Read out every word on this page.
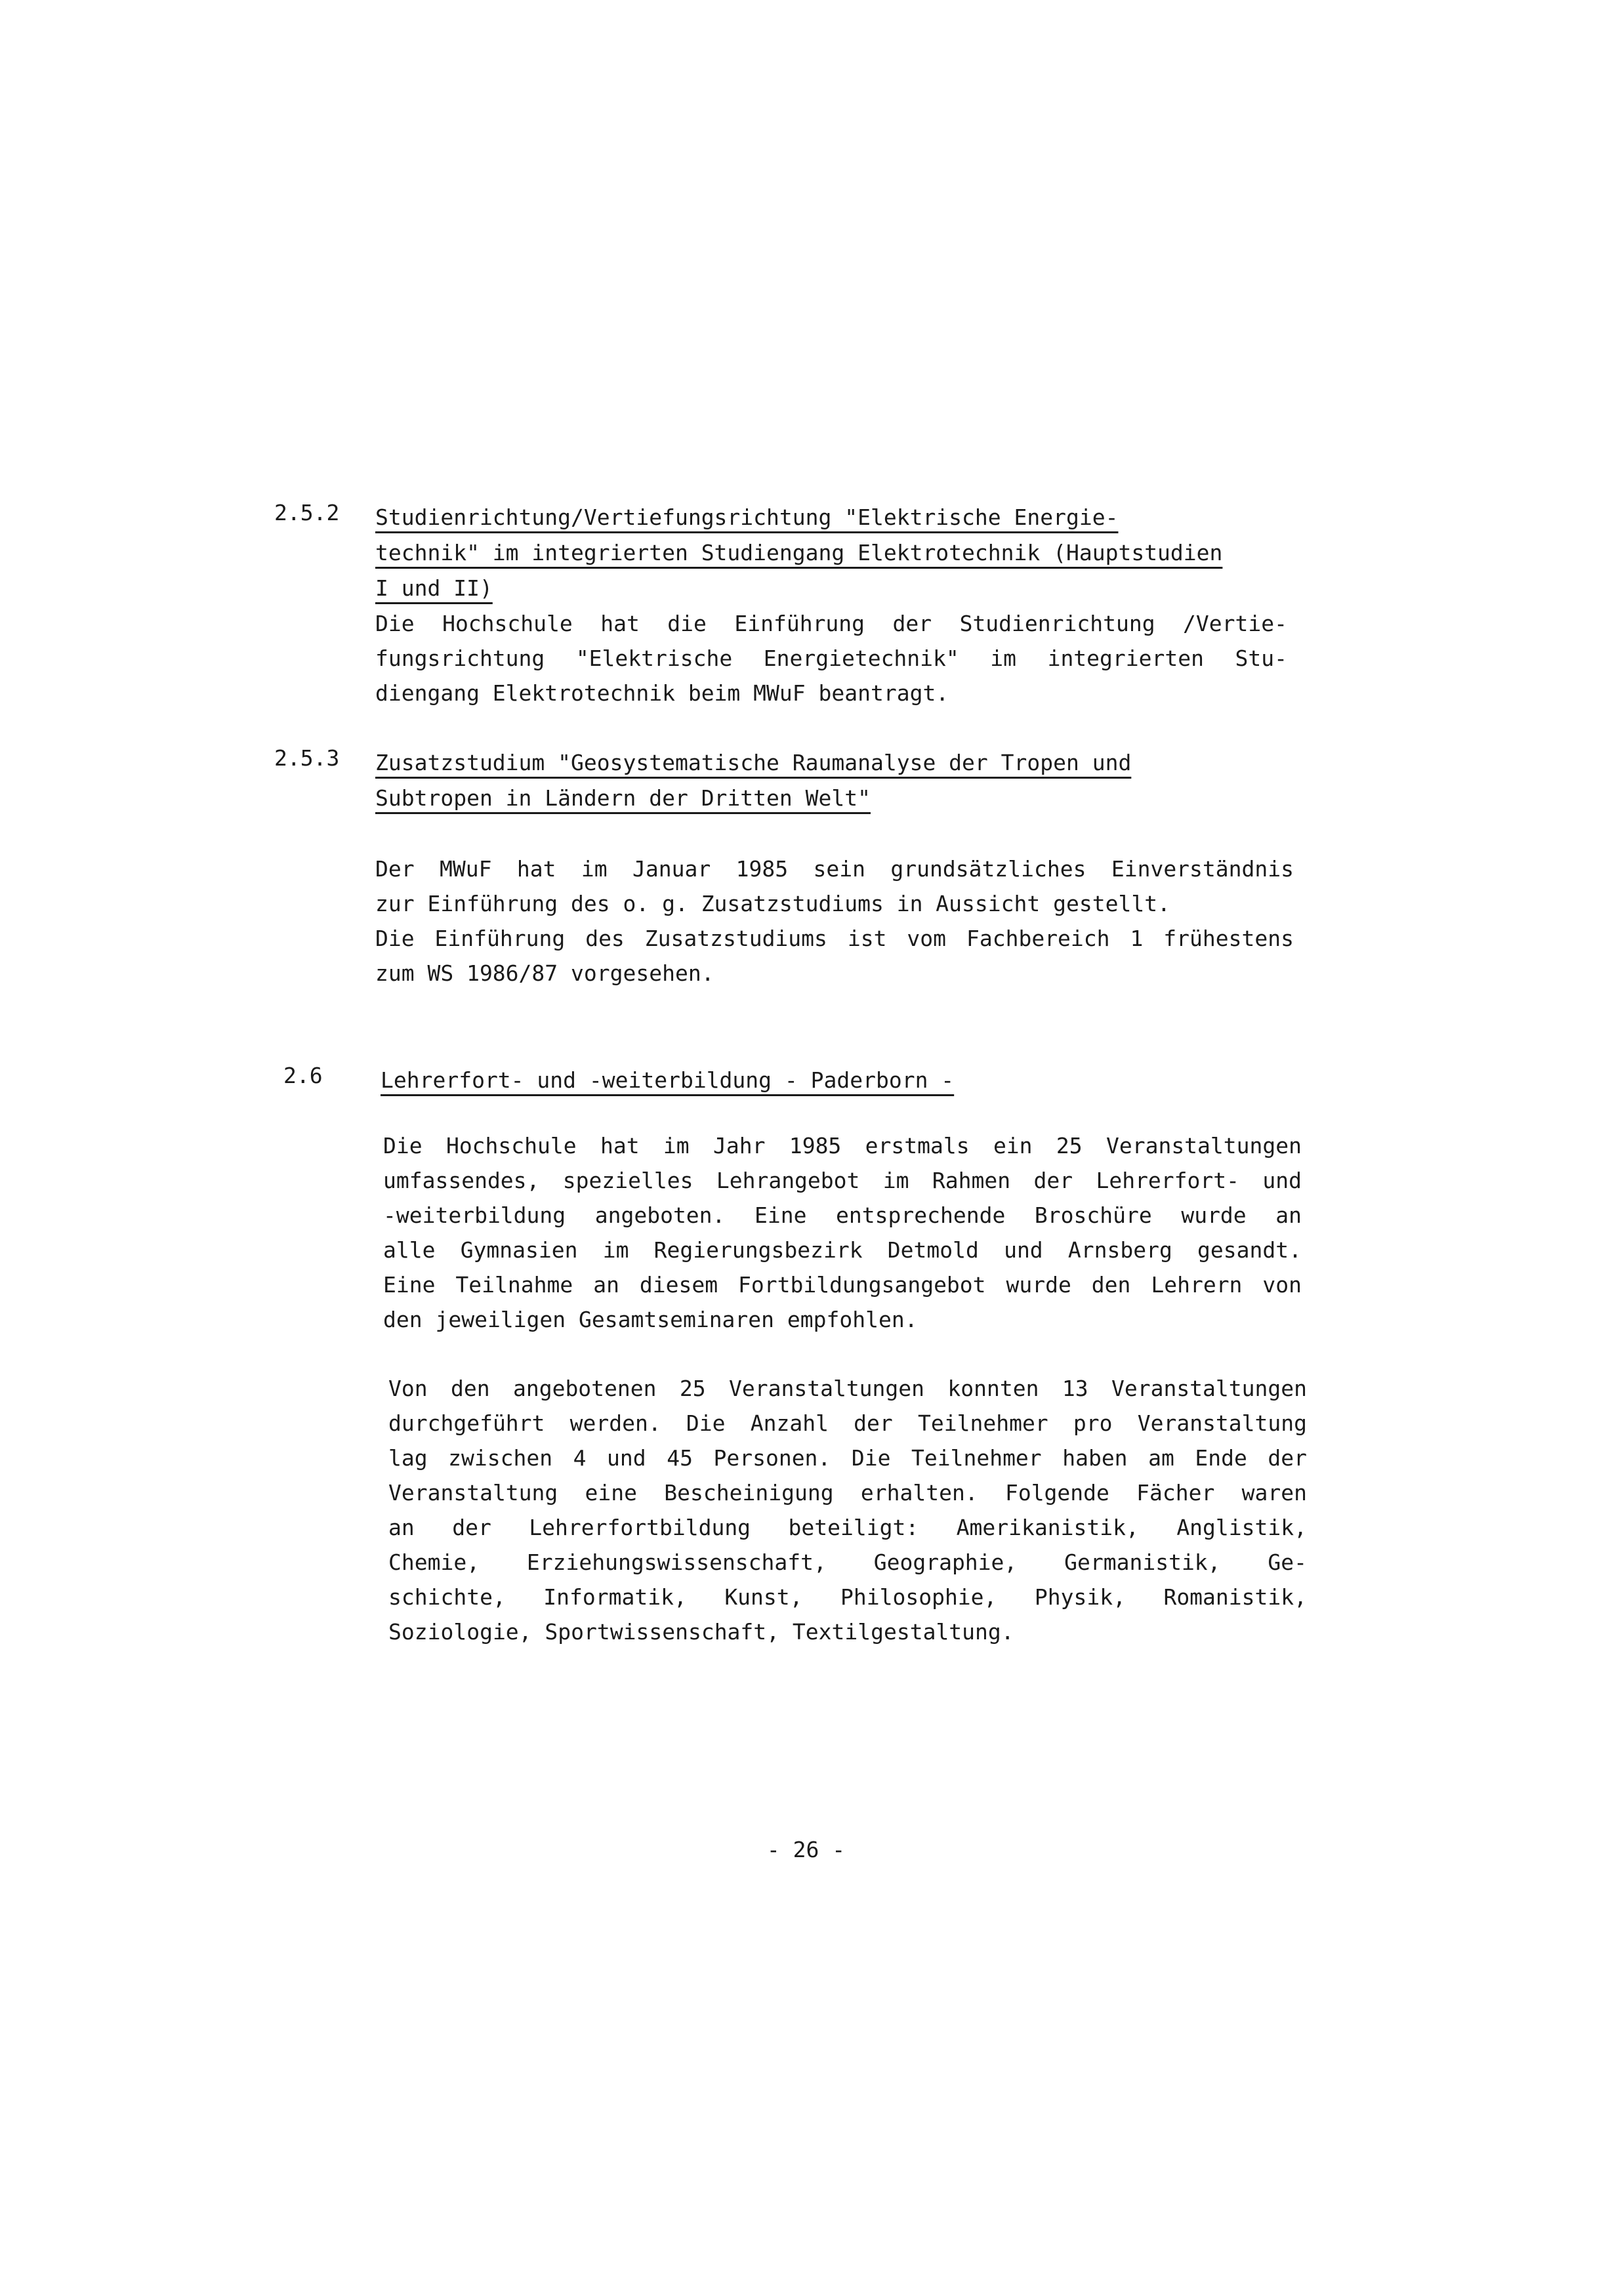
2.5.2	Studienrichtung/Vertiefungsrichtung "Elektrische Energie-
technik" im integrierten Studiengang Elektrotechnik (Hauptstudien
I und II)
Die Hochschule hat die Einführung der Studienrichtung /Vertie-
fungsrichtung "Elektrische Energietechnik" im integrierten Stu-
diengang Elektrotechnik beim MWuF beantragt.
2.5.3	Zusatzstudium "Geosystematische Raumanalyse der Tropen und
Subtropen in Ländern der Dritten Welt"
Der MWuF hat im Januar 1985 sein grundsätzliches Einverständnis
zur Einführung des o. g. Zusatzstudiums in Aussicht gestellt.
Die Einführung des Zusatzstudiums ist vom Fachbereich 1 frühestens
zum WS 1986/87 vorgesehen.
2.6	Lehrerfort- und -weiterbildung - Paderborn -
Die Hochschule hat im Jahr 1985 erstmals ein 25 Veranstaltungen
umfassendes, spezielles Lehrangebot im Rahmen der Lehrerfort- und
-weiterbildung angeboten. Eine entsprechende Broschüre wurde an
alle Gymnasien im Regierungsbezirk Detmold und Arnsberg gesandt.
Eine Teilnahme an diesem Fortbildungsangebot wurde den Lehrern von
den jeweiligen Gesamtseminaren empfohlen.
Von den angebotenen 25 Veranstaltungen konnten 13 Veranstaltungen
durchgeführt werden. Die Anzahl der Teilnehmer pro Veranstaltung
lag zwischen 4 und 45 Personen. Die Teilnehmer haben am Ende der
Veranstaltung eine Bescheinigung erhalten. Folgende Fächer waren
an der Lehrerfortbildung beteiligt: Amerikanistik, Anglistik,
Chemie, Erziehungswissenschaft, Geographie, Germanistik, Ge-
schichte, Informatik, Kunst, Philosophie, Physik, Romanistik,
Soziologie, Sportwissenschaft, Textilgestaltung.
- 26 -
